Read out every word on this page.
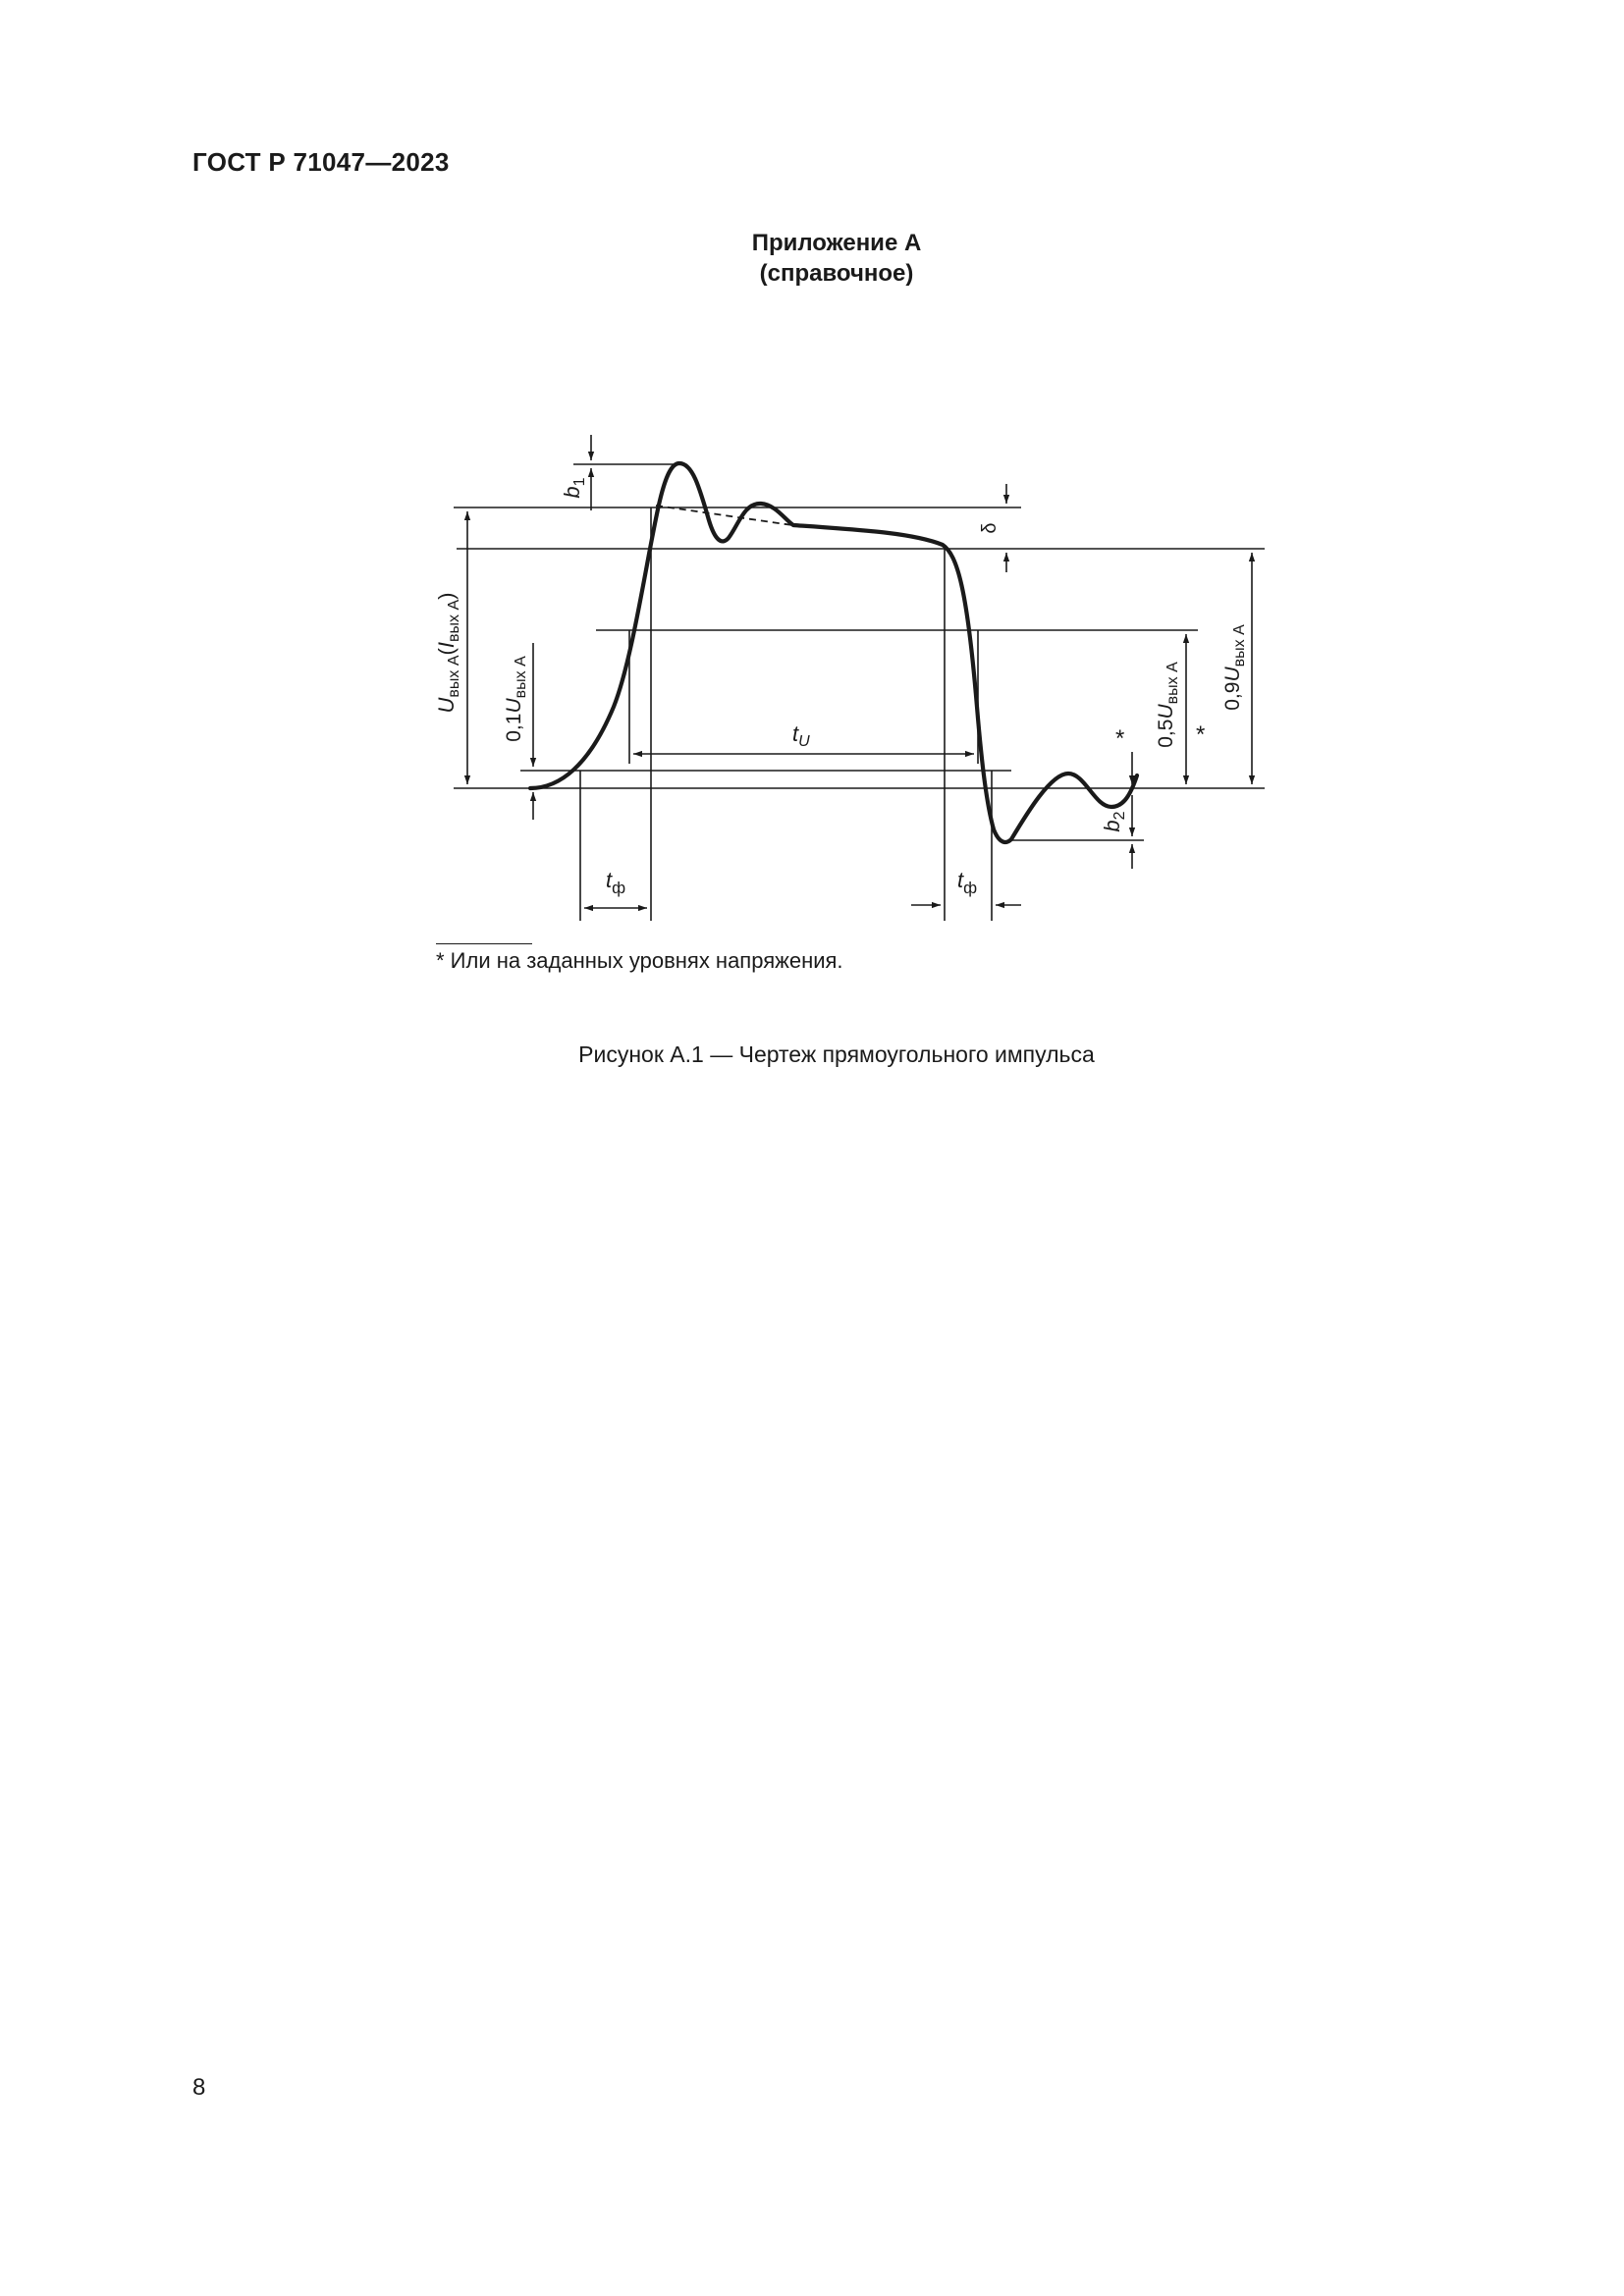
ГОСТ Р 71047—2023
Приложение А
(справочное)
$b_1$
δ
$U_{вых А}(I_{вых А})$
$0,1U_{вых А}$
$t_U$
$t_ф$	$t_ф$
$0,5U_{вых А}$
*
$0,9U_{вых А}$
*
$b_2$
* Или на заданных уровнях напряжения.
Рисунок А.1 — Чертеж прямоугольного импульса
8
